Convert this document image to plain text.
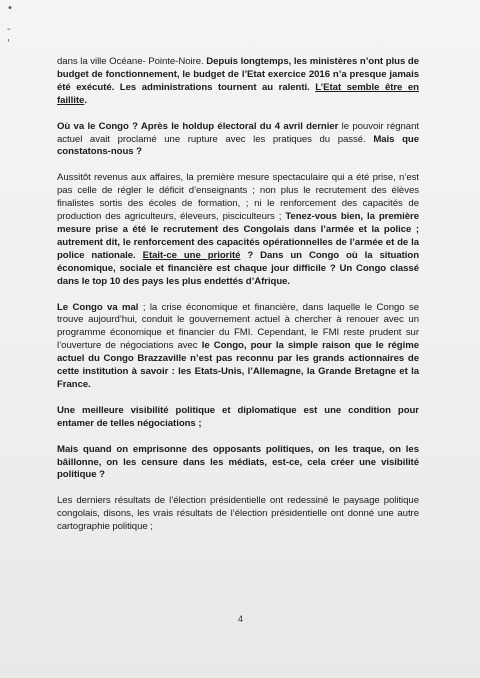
•
-
'

dans la ville Océane- Pointe-Noire. Depuis longtemps, les ministères n’ont plus de budget de fonctionnement, le budget de l’Etat exercice 2016 n’a presque jamais été exécuté. Les administrations tournent au ralenti. L’Etat semble être en faillite.

Où va le Congo ? Après le holdup électoral du 4 avril dernier le pouvoir régnant actuel avait proclamé une rupture avec les pratiques du passé. Mais que constatons-nous ?

Aussitôt revenus aux affaires, la première mesure spectaculaire qui a été prise, n’est pas celle de régler le déficit d’enseignants ; non plus le recrutement des élèves finalistes sortis des écoles de formation, ; ni le renforcement des capacités de production des agriculteurs, éleveurs, pisciculteurs ; Tenez-vous bien, la première mesure prise a été le recrutement des Congolais dans l’armée et la police ; autrement dit, le renforcement des capacités opérationnelles de l’armée et de la police nationale. Etait-ce une priorité ? Dans un Congo où la situation économique, sociale et financière est chaque jour difficile ? Un Congo classé dans le top 10 des pays les plus endettés d’Afrique.

Le Congo va mal ; la crise économique et financière, dans laquelle le Congo se trouve aujourd’hui, conduit le gouvernement actuel à chercher à renouer avec un programme économique et financier du FMI. Cependant, le FMI reste prudent sur l’ouverture de négociations avec le Congo, pour la simple raison que le régime actuel du Congo Brazzaville n’est pas reconnu par les grands actionnaires de cette institution à savoir : les Etats-Unis, l’Allemagne, la Grande Bretagne et la France.

Une meilleure visibilité politique et diplomatique est une condition pour entamer de telles négociations ;

Mais quand on emprisonne des opposants politiques, on les traque, on les bâillonne, on les censure dans les médiats, est-ce, cela créer une visibilité politique ?

Les derniers résultats de l’élection présidentielle ont redessiné le paysage politique congolais, disons, les vrais résultats de l’élection présidentielle ont donné une autre cartographie politique ;

4
